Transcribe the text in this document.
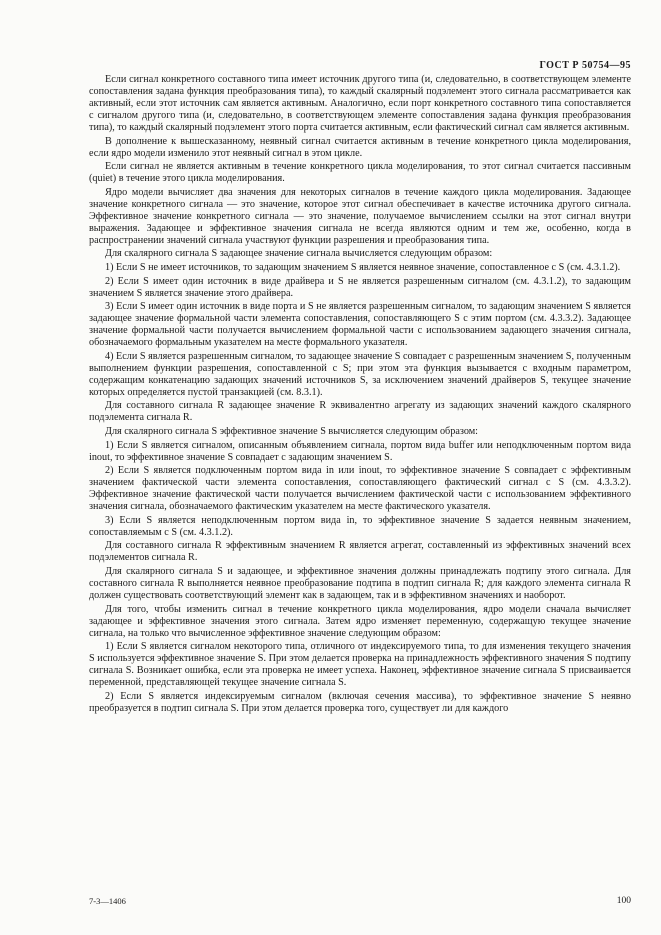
ГОСТ Р 50754—95

Если сигнал конкретного составного типа имеет источник другого типа (и, следовательно, в соответствующем элементе сопоставления задана функция преобразования типа), то каждый скалярный подэлемент этого сигнала рассматривается как активный, если этот источник сам является активным. Аналогично, если порт конкретного составного типа сопоставляется с сигналом другого типа (и, следовательно, в соответствующем элементе сопоставления задана функция преобразования типа), то каждый скалярный подэлемент этого порта считается активным, если фактический сигнал сам является активным.

В дополнение к вышесказанному, неявный сигнал считается активным в течение конкретного цикла моделирования, если ядро модели изменило этот неявный сигнал в этом цикле.

Если сигнал не является активным в течение конкретного цикла моделирования, то этот сигнал считается пассивным (quiet) в течение этого цикла моделирования.

Ядро модели вычисляет два значения для некоторых сигналов в течение каждого цикла моделирования. Задающее значение конкретного сигнала — это значение, которое этот сигнал обеспечивает в качестве источника другого сигнала. Эффективное значение конкретного сигнала — это значение, получаемое вычислением ссылки на этот сигнал внутри выражения. Задающее и эффективное значения сигнала не всегда являются одним и тем же, особенно, когда в распространении значений сигнала участвуют функции разрешения и преобразования типа.

Для скалярного сигнала S задающее значение сигнала вычисляется следующим образом:

1) Если S не имеет источников, то задающим значением S является неявное значение, сопоставленное с S (см. 4.3.1.2).

2) Если S имеет один источник в виде драйвера и S не является разрешенным сигналом (см. 4.3.1.2), то задающим значением S является значение этого драйвера.

3) Если S имеет один источник в виде порта и S не является разрешенным сигналом, то задающим значением S является задающее значение формальной части элемента сопоставления, сопоставляющего S с этим портом (см. 4.3.3.2). Задающее значение формальной части получается вычислением формальной части с использованием задающего значения сигнала, обозначаемого формальным указателем на месте формального указателя.

4) Если S является разрешенным сигналом, то задающее значение S совпадает с разрешенным значением S, полученным выполнением функции разрешения, сопоставленной с S; при этом эта функция вызывается с входным параметром, содержащим конкатенацию задающих значений источников S, за исключением значений драйверов S, текущее значение которых определяется пустой транзакцией (см. 8.3.1).

Для составного сигнала R задающее значение R эквивалентно агрегату из задающих значений каждого скалярного подэлемента сигнала R.

Для скалярного сигнала S эффективное значение S вычисляется следующим образом:

1) Если S является сигналом, описанным объявлением сигнала, портом вида buffer или неподключенным портом вида inout, то эффективное значение S совпадает с задающим значением S.

2) Если S является подключенным портом вида in или inout, то эффективное значение S совпадает с эффективным значением фактической части элемента сопоставления, сопоставляющего фактический сигнал с S (см. 4.3.3.2). Эффективное значение фактической части получается вычислением фактической части с использованием эффективного значения сигнала, обозначаемого фактическим указателем на месте фактического указателя.

3) Если S является неподключенным портом вида in, то эффективное значение S задается неявным значением, сопоставляемым с S (см. 4.3.1.2).

Для составного сигнала R эффективным значением R является агрегат, составленный из эффективных значений всех подэлементов сигнала R.

Для скалярного сигнала S и задающее, и эффективное значения должны принадлежать подтипу этого сигнала. Для составного сигнала R выполняется неявное преобразование подтипа в подтип сигнала R; для каждого элемента сигнала R должен существовать соответствующий элемент как в задающем, так и в эффективном значениях и наоборот.

Для того, чтобы изменить сигнал в течение конкретного цикла моделирования, ядро модели сначала вычисляет задающее и эффективное значения этого сигнала. Затем ядро изменяет переменную, содержащую текущее значение сигнала, на только что вычисленное эффективное значение следующим образом:

1) Если S является сигналом некоторого типа, отличного от индексируемого типа, то для изменения текущего значения S используется эффективное значение S. При этом делается проверка на принадлежность эффективного значения S подтипу сигнала S. Возникает ошибка, если эта проверка не имеет успеха. Наконец, эффективное значение сигнала S присваивается переменной, представляющей текущее значение сигнала S.

2) Если S является индексируемым сигналом (включая сечения массива), то эффективное значение S неявно преобразуется в подтип сигнала S. При этом делается проверка того, существует ли для каждого

7-3—1406	100
